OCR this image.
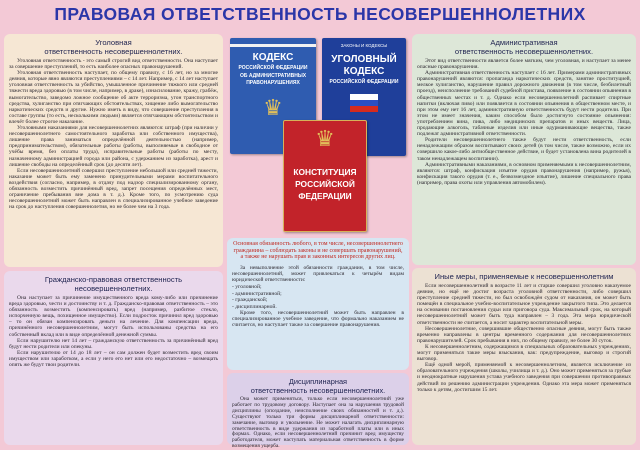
ПРАВОВАЯ ОТВЕТСТВЕННОСТЬ НЕСОВЕРШЕННОЛЕТНИХ
Уголовная
ответственность несовершеннолетних.

Уголовная ответственность - это самый строгий вид ответственности. Она наступает за совершение преступлений, то есть наиболее опасных правонарушений.

Уголовная ответственность наступает, по общему правилу, с 16 лет, но за многие деяния, которые явно являются преступлениями – с 14 лет. Например, с 14 лет наступает уголовная ответственность за убийство, умышленное причинение тяжкого или средней тяжести вреда здоровью (в том числе, например, в драке), изнасилование, кражу, грабёж, вымогательство, заведомо ложное сообщение об акте терроризма, угон транспортного средства, хулиганство при отягчающих обстоятельствах, хищение либо вымогательство наркотических средств и другие. Нужно иметь в виду, что совершение преступления в составе группы (то есть, несколькими людьми) является отягчающим обстоятельством и влечёт более строгое наказание.

Уголовными наказаниями для несовершеннолетних являются: штраф (при наличии у несовершеннолетнего самостоятельного заработка или собственного имущества), лишение права заниматься определённой деятельностью (например, предпринимательством), обязательные работы (работы, выполняемые в свободное от учёбы время, без оплаты труда), исправительные работы (работы по месту, назначенному администрацией города или района, с удержанием из заработка), арест и лишение свободы на определённый срок (до десяти лет).

Если несовершеннолетний совершил преступление небольшой или средней тяжести, наказание может быть ему заменено принудительными мерами воспитательного воздействия (согласно, например, в отдачу под надзор специализированному органу, обязанность возместить причинённый вред, запрет посещения определённых мест, ограничение пребывания вне дома в т. д.). Кроме того, по усмотрению суда несовершеннолетний может быть направлен в специализированное учебное заведение на срок до наступления совершеннолетия, но не более чем на 3 года.

Гражданско-правовая ответственность
несовершеннолетних.

Она наступает за причинение имущественного вреда кому-либо или причинение вреда здоровью, чести и достоинству и т. д. Гражданско-правовая ответственность – это обязанность возместить (компенсировать) вред (например, разбитое стекло, испорченную вещь, похищенное имущество). Если подросток причинил вред здоровью – то он обязан компенсировать деньги на лечение. Для компенсации вреда, причинённого несовершеннолетним, могут быть использованы средства на его собственный вклад или в виде определённой денежной суммы.

Если нарушителю нет 14 лет – гражданскую ответственность за причинённый вред будут нести родители или опекуны.

Если нарушителю от 14 до 18 лет – он сам должен будет возместить вред своим имуществом или заработком, а если у него его нет или его недостаточно – возмещать опять же будут твои родители.

КОДЕКС
РОССИЙСКОЙ ФЕДЕРАЦИИ
ОБ АДМИНИСТРАТИВНЫХ
ПРАВОНАРУШЕНИЯХ
♛
ЗАКОНЫ И КОДЕКСЫ
УГОЛОВНЫЙ
КОДЕКС
РОССИЙСКОЙ ФЕДЕРАЦИИ
♛
КОНСТИТУЦИЯ
РОССИЙСКОЙ
ФЕДЕРАЦИИ

Основная обязанность любого, в том числе, несовершеннолетнего гражданина – соблюдать законы и не совершать правонарушений, а также не нарушать прав и законных интересов других лиц.

За невыполнение этой обязанности гражданин, в том числе, несовершеннолетний, может привлекаться к четырём видам юридической ответственности:

- уголовной;
- административной;
- гражданской;
- дисциплинарной.

Кроме того, несовершеннолетний может быть направлен в специализированное учебное заведение, что формально наказанием не считается, но наступает также за совершение правонарушения.

Дисциплинарная
ответственность несовершеннолетних.

Она может применяться, только если несовершеннолетний уже работает по трудовому договору. Наступает она за нарушения трудовой дисциплины (опоздание, неисполнение своих обязанностей и т. д.). Существуют только три формы дисциплинарной ответственности: замечание, выговор и увольнение. Не может налагать дисциплинарную ответственность в виде удержания из заработной платы или в иных формах. Однако, если несовершеннолетний причинит вред имуществу работодателя, может наступать материальная ответственность в форме возмещения ущерба.

Административная
ответственность несовершеннолетних.

Этот вид ответственности является более мягким, чем уголовная, и наступает за менее опасные правонарушения.

Административная ответственность наступает с 16 лет. Примерами административных правонарушений являются: пропаганда наркотических средств, занятие проституцией, мелкое хулиганство, нарушение правил дорожного движения (в том числе, безбилетный проезд), неисполнение требований судебной пристава, появление в состоянии опьянения в общественных местах и т. д. Однако если несовершеннолетний распивает спиртные напитки (включая пиво) или появляется в состоянии опьянения в общественном месте, и при этом ему нет 16 лет, административную ответственность будут нести родители. При этом не имеет значения, каким способом было достигнуто состояние опьянения: употреблением вина, пива, либо медицинских препаратов и иных веществ. Лица, продающие алкоголь, табачные изделия или иные одурманивающие вещества, также подлежат административной ответственности.

Родители несовершеннолетнего также будут нести ответственность, если ненадлежащим образом воспитывают своих детей (в том числе, также возможно, если их совершило какое-либо антиобщественное действие, и будет установлена вина родителей в таком ненадлежащем воспитании).

Административными наказаниями, в основном применяемыми к несовершеннолетним, являются: штраф, конфискация изъятие орудия правонарушения (например, ружья), конфискация такого орудия (т. е., безвозмездное изъятие), лишение специального права (например, права охоты или управления автомобилем).

Иные меры, применяемые к несовершеннолетним

Если несовершеннолетний в возрасте 11 лет и старше совершил уголовно наказуемое деяние, но ещё не достиг возраста уголовной ответственности, либо совершил преступление средней тяжести, но был освобождён судом от наказания, он может быть помещён в специальное учебно-воспитательное учреждение закрытого типа. Это делается на основании постановления судьи или приговора суда. Максимальный срок, на который несовершеннолетний может быть туда направлен – 3 года. Эта мера юридической ответственности не считается, а носит характер воспитательной меры.

Несовершеннолетние, совершившие общественно опасные деяния, могут быть также временно направлены в центры временного содержания для несовершеннолетних правонарушителей. Срок пребывания в них, по общему правилу, не более 30 суток.

К несовершеннолетним, содержащимся в специальных образовательных учреждениях, могут применяться такие меры взыскания, как: предупреждение, выговор и строгий выговор.

Ещё одной мерой, применяемой к несовершеннолетним, является исключение из образовательного учреждения (школы, училища и т. д.). Оно может применяться за грубые и неоднократные нарушения устава учебного заведения при совершении противоправных действий по решению администрации учреждения. Однако эта мера может применяться только к детям, достигшим 15 лет.
